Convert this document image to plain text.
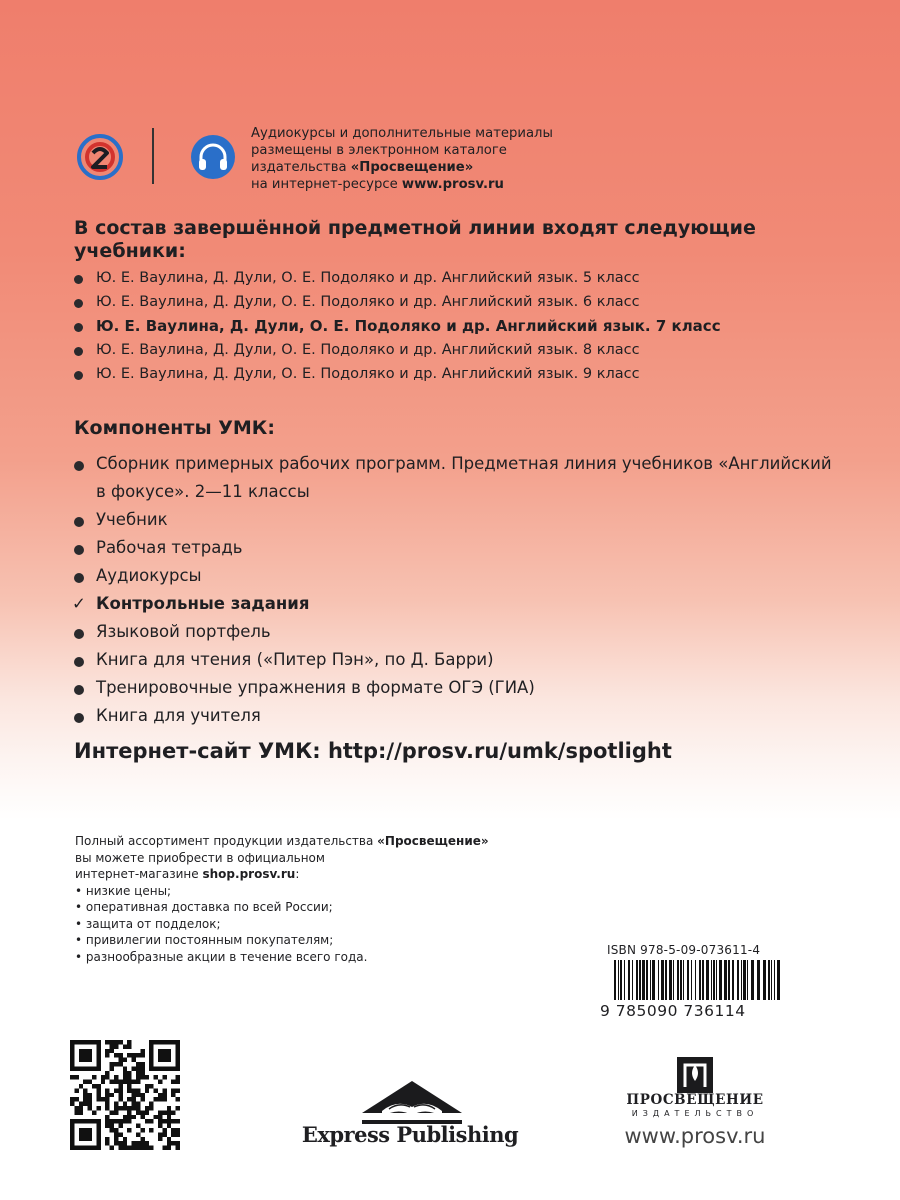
Аудиокурсы и дополнительные материалы
размещены в электронном каталоге
издательства «Просвещение»
на интернет-ресурсе www.prosv.ru
В состав завершённой предметной линии входят следующие учебники:
Ю. Е. Ваулина, Д. Дули, О. Е. Подоляко и др. Английский язык. 5 класс
Ю. Е. Ваулина, Д. Дули, О. Е. Подоляко и др. Английский язык. 6 класс
Ю. Е. Ваулина, Д. Дули, О. Е. Подоляко и др. Английский язык. 7 класс
Ю. Е. Ваулина, Д. Дули, О. Е. Подоляко и др. Английский язык. 8 класс
Ю. Е. Ваулина, Д. Дули, О. Е. Подоляко и др. Английский язык. 9 класс
Компоненты УМК:
Сборник примерных рабочих программ. Предметная линия учебников «Английский в фокусе». 2—11 классы
Учебник
Рабочая тетрадь
Аудиокурсы
✓ Контрольные задания
Языковой портфель
Книга для чтения («Питер Пэн», по Д. Барри)
Тренировочные упражнения в формате ОГЭ (ГИА)
Книга для учителя
Интернет-сайт УМК: http://prosv.ru/umk/spotlight
Полный ассортимент продукции издательства «Просвещение»
вы можете приобрести в официальном
интернет-магазине shop.prosv.ru:
• низкие цены;
• оперативная доставка по всей России;
• защита от подделок;
• привилегии постоянным покупателям;
• разнообразные акции в течение всего года.	ISBN 978-5-09-073611-4
9 785090 736114
Express Publishing
ПРОСВЕЩЕНИЕ
ИЗДАТЕЛЬСТВО
www.prosv.ru
